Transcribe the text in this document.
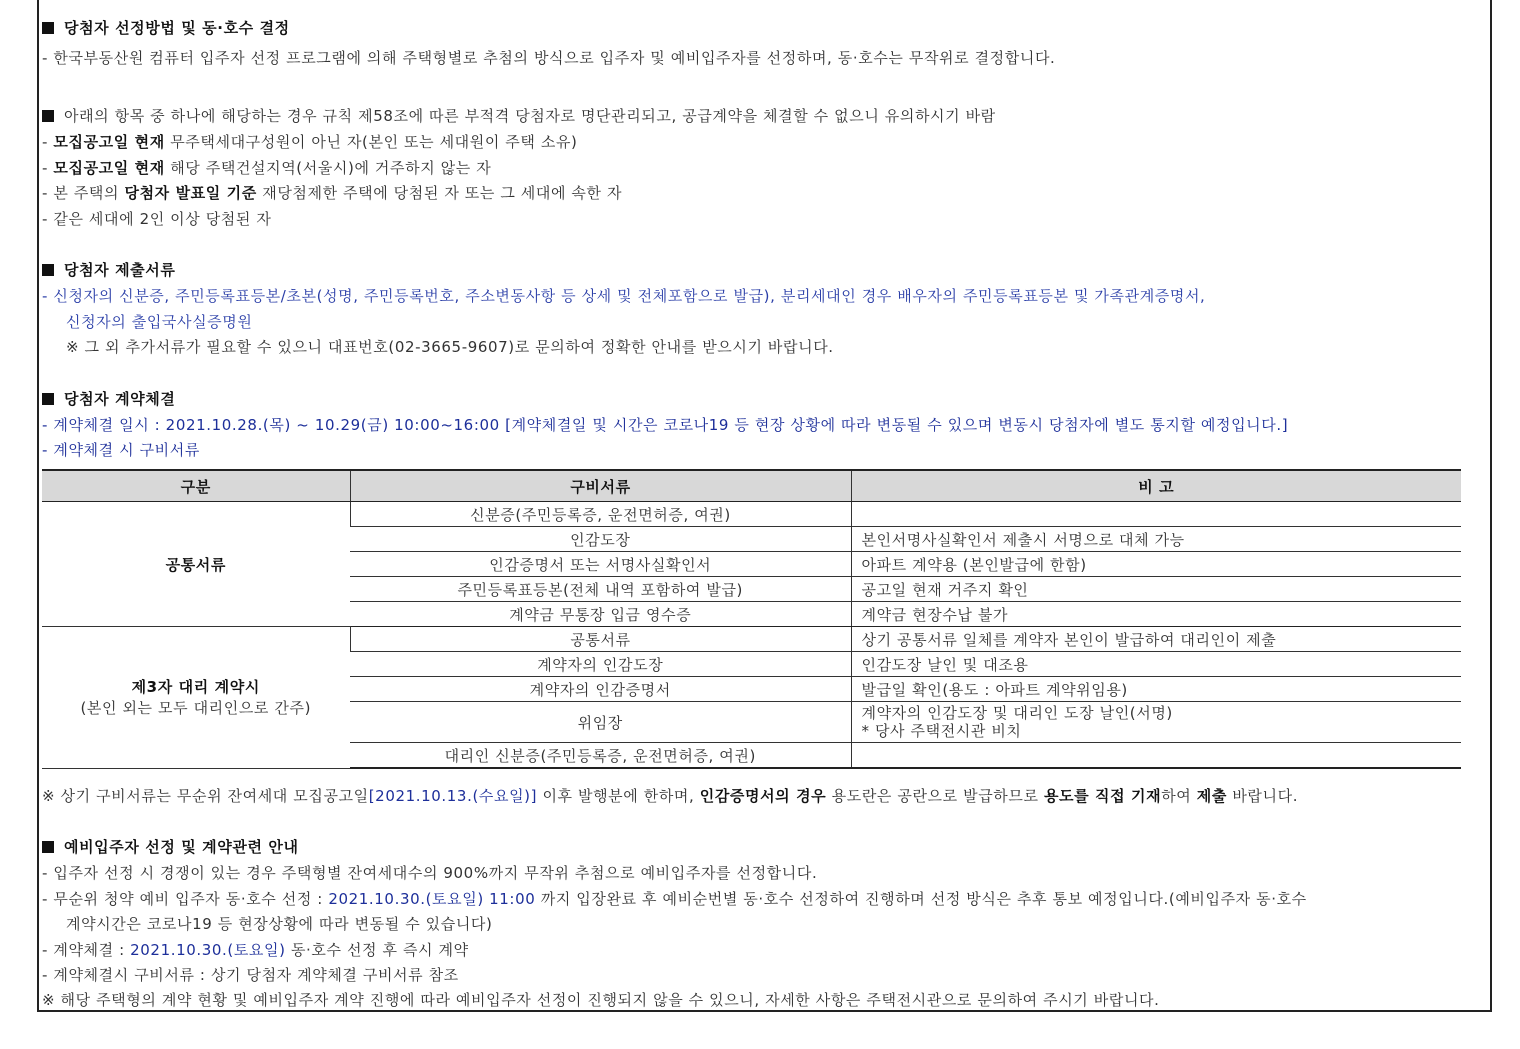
당첨자 선정방법 및 동·호수 결정
- 한국부동산원 컴퓨터 입주자 선정 프로그램에 의해 주택형별로 추첨의 방식으로 입주자 및 예비입주자를 선정하며, 동·호수는 무작위로 결정합니다.
아래의 항목 중 하나에 해당하는 경우 규칙 제58조에 따른 부적격 당첨자로 명단관리되고, 공급계약을 체결할 수 없으니 유의하시기 바람
- 모집공고일 현재 무주택세대구성원이 아닌 자(본인 또는 세대원이 주택 소유)
- 모집공고일 현재 해당 주택건설지역(서울시)에 거주하지 않는 자
- 본 주택의 당첨자 발표일 기준 재당첨제한 주택에 당첨된 자 또는 그 세대에 속한 자
- 같은 세대에 2인 이상 당첨된 자
당첨자 제출서류
- 신청자의 신분증, 주민등록표등본/초본(성명, 주민등록번호, 주소변동사항 등 상세 및 전체포함으로 발급), 분리세대인 경우 배우자의 주민등록표등본 및 가족관계증명서,
신청자의 출입국사실증명원
※ 그 외 추가서류가 필요할 수 있으니 대표번호(02-3665-9607)로 문의하여 정확한 안내를 받으시기 바랍니다.
당첨자 계약체결
- 계약체결 일시 : 2021.10.28.(목) ~ 10.29(금) 10:00~16:00 [계약체결일 및 시간은 코로나19 등 현장 상황에 따라 변동될 수 있으며 변동시 당첨자에 별도 통지할 예정입니다.]
- 계약체결 시 구비서류
구분	구비서류	비 고
공통서류	신분증(주민등록증, 운전면허증, 여권)	
	인감도장	본인서명사실확인서 제출시 서명으로 대체 가능
	인감증명서 또는 서명사실확인서	아파트 계약용 (본인발급에 한함)
	주민등록표등본(전체 내역 포함하여 발급)	공고일 현재 거주지 확인
	계약금 무통장 입금 영수증	계약금 현장수납 불가
제3자 대리 계약시
(본인 외는 모두 대리인으로 간주)	공통서류	상기 공통서류 일체를 계약자 본인이 발급하여 대리인이 제출
	계약자의 인감도장	인감도장 날인 및 대조용
	계약자의 인감증명서	발급일 확인(용도 : 아파트 계약위임용)
	위임장	계약자의 인감도장 및 대리인 도장 날인(서명)
* 당사 주택전시관 비치

	대리인 신분증(주민등록증, 운전면허증, 여권)	
※ 상기 구비서류는 무순위 잔여세대 모집공고일[2021.10.13.(수요일)] 이후 발행분에 한하며, 인감증명서의 경우 용도란은 공란으로 발급하므로 용도를 직접 기재하여 제출 바랍니다.
예비입주자 선정 및 계약관련 안내
- 입주자 선정 시 경쟁이 있는 경우 주택형별 잔여세대수의 900%까지 무작위 추첨으로 예비입주자를 선정합니다.
- 무순위 청약 예비 입주자 동·호수 선정 : 2021.10.30.(토요일) 11:00 까지 입장완료 후 예비순번별 동·호수 선정하여 진행하며 선정 방식은 추후 통보 예정입니다.(예비입주자 동·호수
계약시간은 코로나19 등 현장상황에 따라 변동될 수 있습니다)
- 계약체결 : 2021.10.30.(토요일) 동·호수 선정 후 즉시 계약
- 계약체결시 구비서류 : 상기 당첨자 계약체결 구비서류 참조
※ 해당 주택형의 계약 현황 및 예비입주자 계약 진행에 따라 예비입주자 선정이 진행되지 않을 수 있으니, 자세한 사항은 주택전시관으로 문의하여 주시기 바랍니다.
